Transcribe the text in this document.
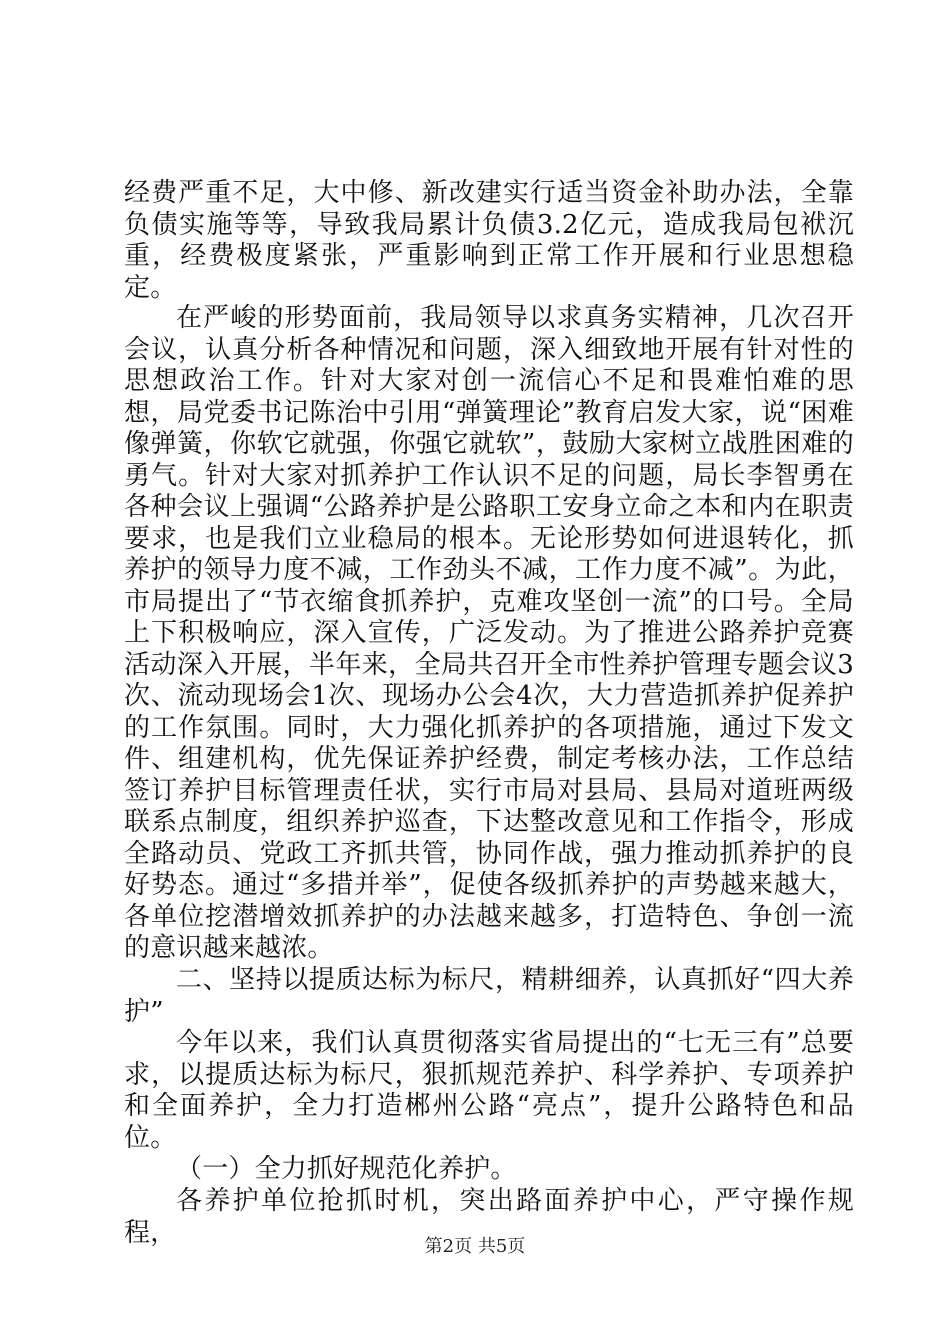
经费严重不足，大中修、新改建实行适当资金补助办法，全靠负债实施等等，导致我局累计负债3.2亿元，造成我局包袱沉重，经费极度紧张，严重影响到正常工作开展和行业思想稳定。

在严峻的形势面前，我局领导以求真务实精神，几次召开会议，认真分析各种情况和问题，深入细致地开展有针对性的思想政治工作。针对大家对创一流信心不足和畏难怕难的思想，局党委书记陈治中引用“弹簧理论”教育启发大家，说“困难像弹簧，你软它就强，你强它就软”，鼓励大家树立战胜困难的勇气。针对大家对抓养护工作认识不足的问题，局长李智勇在各种会议上强调“公路养护是公路职工安身立命之本和内在职责要求，也是我们立业稳局的根本。无论形势如何进退转化，抓养护的领导力度不减，工作劲头不减，工作力度不减”。为此，市局提出了“节衣缩食抓养护，克难攻坚创一流”的口号。全局上下积极响应，深入宣传，广泛发动。为了推进公路养护竞赛活动深入开展，半年来，全局共召开全市性养护管理专题会议3次、流动现场会1次、现场办公会4次，大力营造抓养护促养护的工作氛围。同时，大力强化抓养护的各项措施，通过下发文件、组建机构，优先保证养护经费，制定考核办法，工作总结签订养护目标管理责任状，实行市局对县局、县局对道班两级联系点制度，组织养护巡查，下达整改意见和工作指令，形成全路动员、党政工齐抓共管，协同作战，强力推动抓养护的良好势态。通过“多措并举”，促使各级抓养护的声势越来越大，各单位挖潜增效抓养护的办法越来越多，打造特色、争创一流的意识越来越浓。

二、坚持以提质达标为标尺，精耕细养，认真抓好“四大养护”

今年以来，我们认真贯彻落实省局提出的“七无三有”总要求，以提质达标为标尺，狠抓规范养护、科学养护、专项养护和全面养护，全力打造郴州公路“亮点”，提升公路特色和品位。

（一）全力抓好规范化养护。

各养护单位抢抓时机，突出路面养护中心，严守操作规程，	第2页 共5页
